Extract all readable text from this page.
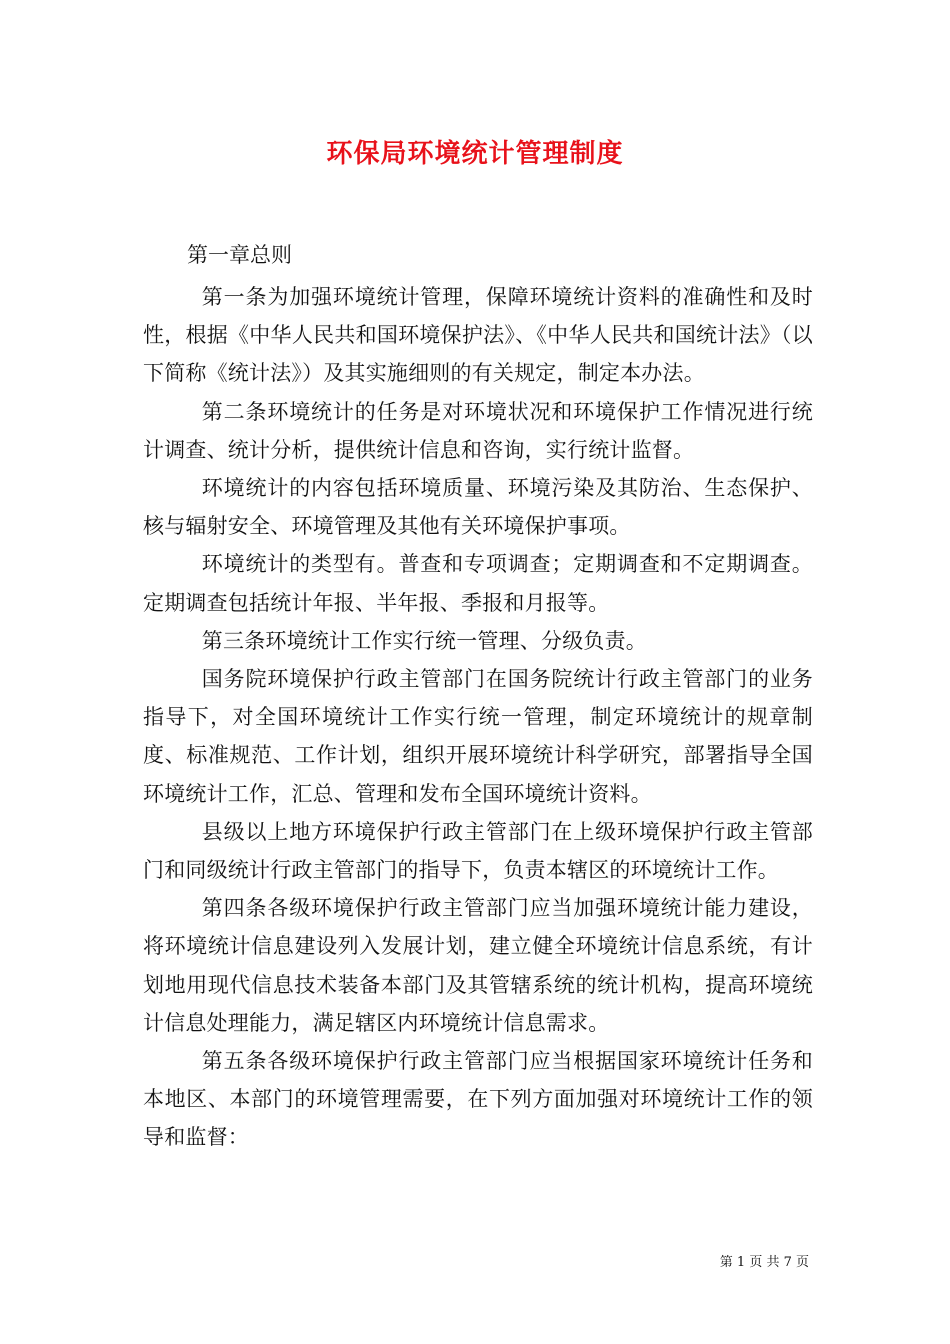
环保局环境统计管理制度
第一章总则

第一条为加强环境统计管理，保障环境统计资料的准确性和及时性，根据《中华人民共和国环境保护法》、《中华人民共和国统计法》（以下简称《统计法》）及其实施细则的有关规定，制定本办法。

第二条环境统计的任务是对环境状况和环境保护工作情况进行统计调查、统计分析，提供统计信息和咨询，实行统计监督。

环境统计的内容包括环境质量、环境污染及其防治、生态保护、核与辐射安全、环境管理及其他有关环境保护事项。

环境统计的类型有。普查和专项调查；定期调查和不定期调查。定期调查包括统计年报、半年报、季报和月报等。

第三条环境统计工作实行统一管理、分级负责。

国务院环境保护行政主管部门在国务院统计行政主管部门的业务指导下，对全国环境统计工作实行统一管理，制定环境统计的规章制度、标准规范、工作计划，组织开展环境统计科学研究，部署指导全国环境统计工作，汇总、管理和发布全国环境统计资料。

县级以上地方环境保护行政主管部门在上级环境保护行政主管部门和同级统计行政主管部门的指导下，负责本辖区的环境统计工作。

第四条各级环境保护行政主管部门应当加强环境统计能力建设，将环境统计信息建设列入发展计划，建立健全环境统计信息系统，有计划地用现代信息技术装备本部门及其管辖系统的统计机构，提高环境统计信息处理能力，满足辖区内环境统计信息需求。

第五条各级环境保护行政主管部门应当根据国家环境统计任务和本地区、本部门的环境管理需要，在下列方面加强对环境统计工作的领导和监督：

第 1 页 共 7 页
